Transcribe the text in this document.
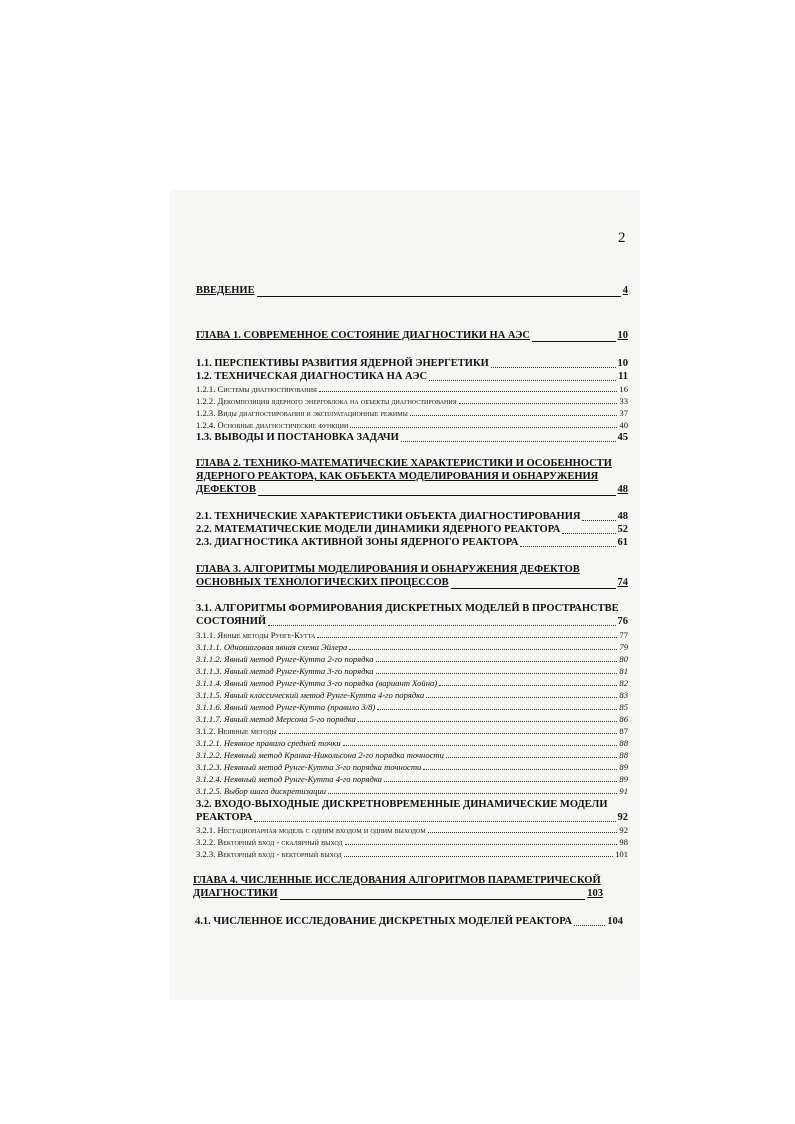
2
ВВЕДЕНИЕ	4
ГЛАВА 1. СОВРЕМЕННОЕ СОСТОЯНИЕ ДИАГНОСТИКИ НА АЭС	10
1.1. ПЕРСПЕКТИВЫ РАЗВИТИЯ ЯДЕРНОЙ ЭНЕРГЕТИКИ	10
1.2. ТЕХНИЧЕСКАЯ ДИАГНОСТИКА НА АЭС	11
1.2.1. Системы диагностирования	16
1.2.2. Декомпозиция ядерного энергоблока на объекты диагностирования	33
1.2.3. Виды диагностирования и эксплуатационные режимы	37
1.2.4. Основные диагностические функции	40
1.3. ВЫВОДЫ И ПОСТАНОВКА ЗАДАЧИ	45
ГЛАВА 2. ТЕХНИКО-МАТЕМАТИЧЕСКИЕ ХАРАКТЕРИСТИКИ И ОСОБЕННОСТИ
ЯДЕРНОГО РЕАКТОРА, КАК ОБЪЕКТА МОДЕЛИРОВАНИЯ И ОБНАРУЖЕНИЯ
ДЕФЕКТОВ	48
2.1. ТЕХНИЧЕСКИЕ ХАРАКТЕРИСТИКИ ОБЪЕКТА ДИАГНОСТИРОВАНИЯ	48
2.2. МАТЕМАТИЧЕСКИЕ МОДЕЛИ ДИНАМИКИ ЯДЕРНОГО РЕАКТОРА	52
2.3. ДИАГНОСТИКА АКТИВНОЙ ЗОНЫ ЯДЕРНОГО РЕАКТОРА	61
ГЛАВА 3. АЛГОРИТМЫ МОДЕЛИРОВАНИЯ И ОБНАРУЖЕНИЯ ДЕФЕКТОВ
ОСНОВНЫХ ТЕХНОЛОГИЧЕСКИХ ПРОЦЕССОВ	74
3.1. АЛГОРИТМЫ ФОРМИРОВАНИЯ ДИСКРЕТНЫХ МОДЕЛЕЙ В ПРОСТРАНСТВЕ
СОСТОЯНИЙ	76
3.1.1. Явные методы Рунге-Кутта	77
3.1.1.1. Одношаговая явная схема Эйлера	79
3.1.1.2. Явный метод Рунге-Кутта 2-го порядка	80
3.1.1.3. Явный метод Рунге-Кутта 3-го порядка	81
3.1.1.4. Явный метод Рунге-Кутта 3-го порядка (вариант Хойна)	82
3.1.1.5. Явный классический метод Рунге-Кутта 4-го порядка	83
3.1.1.6. Явный метод Рунге-Кутта (правило 3/8)	85
3.1.1.7. Явный метод Мерсона 5-го порядка	86
3.1.2. Неявные методы	87
3.1.2.1. Неявное правило средней точки	88
3.1.2.2. Неявный метод Кранка-Никольсона 2-го порядка точности	88
3.1.2.3. Неявный метод Рунге-Кутта 3-го порядка точности	89
3.1.2.4. Неявный метод Рунге-Кутта 4-го порядка	89
3.1.2.5. Выбор шага дискретизации	91
3.2. ВХОДО-ВЫХОДНЫЕ ДИСКРЕТНОВРЕМЕННЫЕ ДИНАМИЧЕСКИЕ МОДЕЛИ
РЕАКТОРА	92
3.2.1. Нестационарная модель с одним входом и одним выходом	92
3.2.2. Векторный вход - скалярный выход	98
3.2.3. Векторный вход - векторный выход	101
ГЛАВА 4. ЧИСЛЕННЫЕ ИССЛЕДОВАНИЯ АЛГОРИТМОВ ПАРАМЕТРИЧЕСКОЙ
ДИАГНОСТИКИ	103
4.1. ЧИСЛЕННОЕ ИССЛЕДОВАНИЕ ДИСКРЕТНЫХ МОДЕЛЕЙ РЕАКТОРА	104
